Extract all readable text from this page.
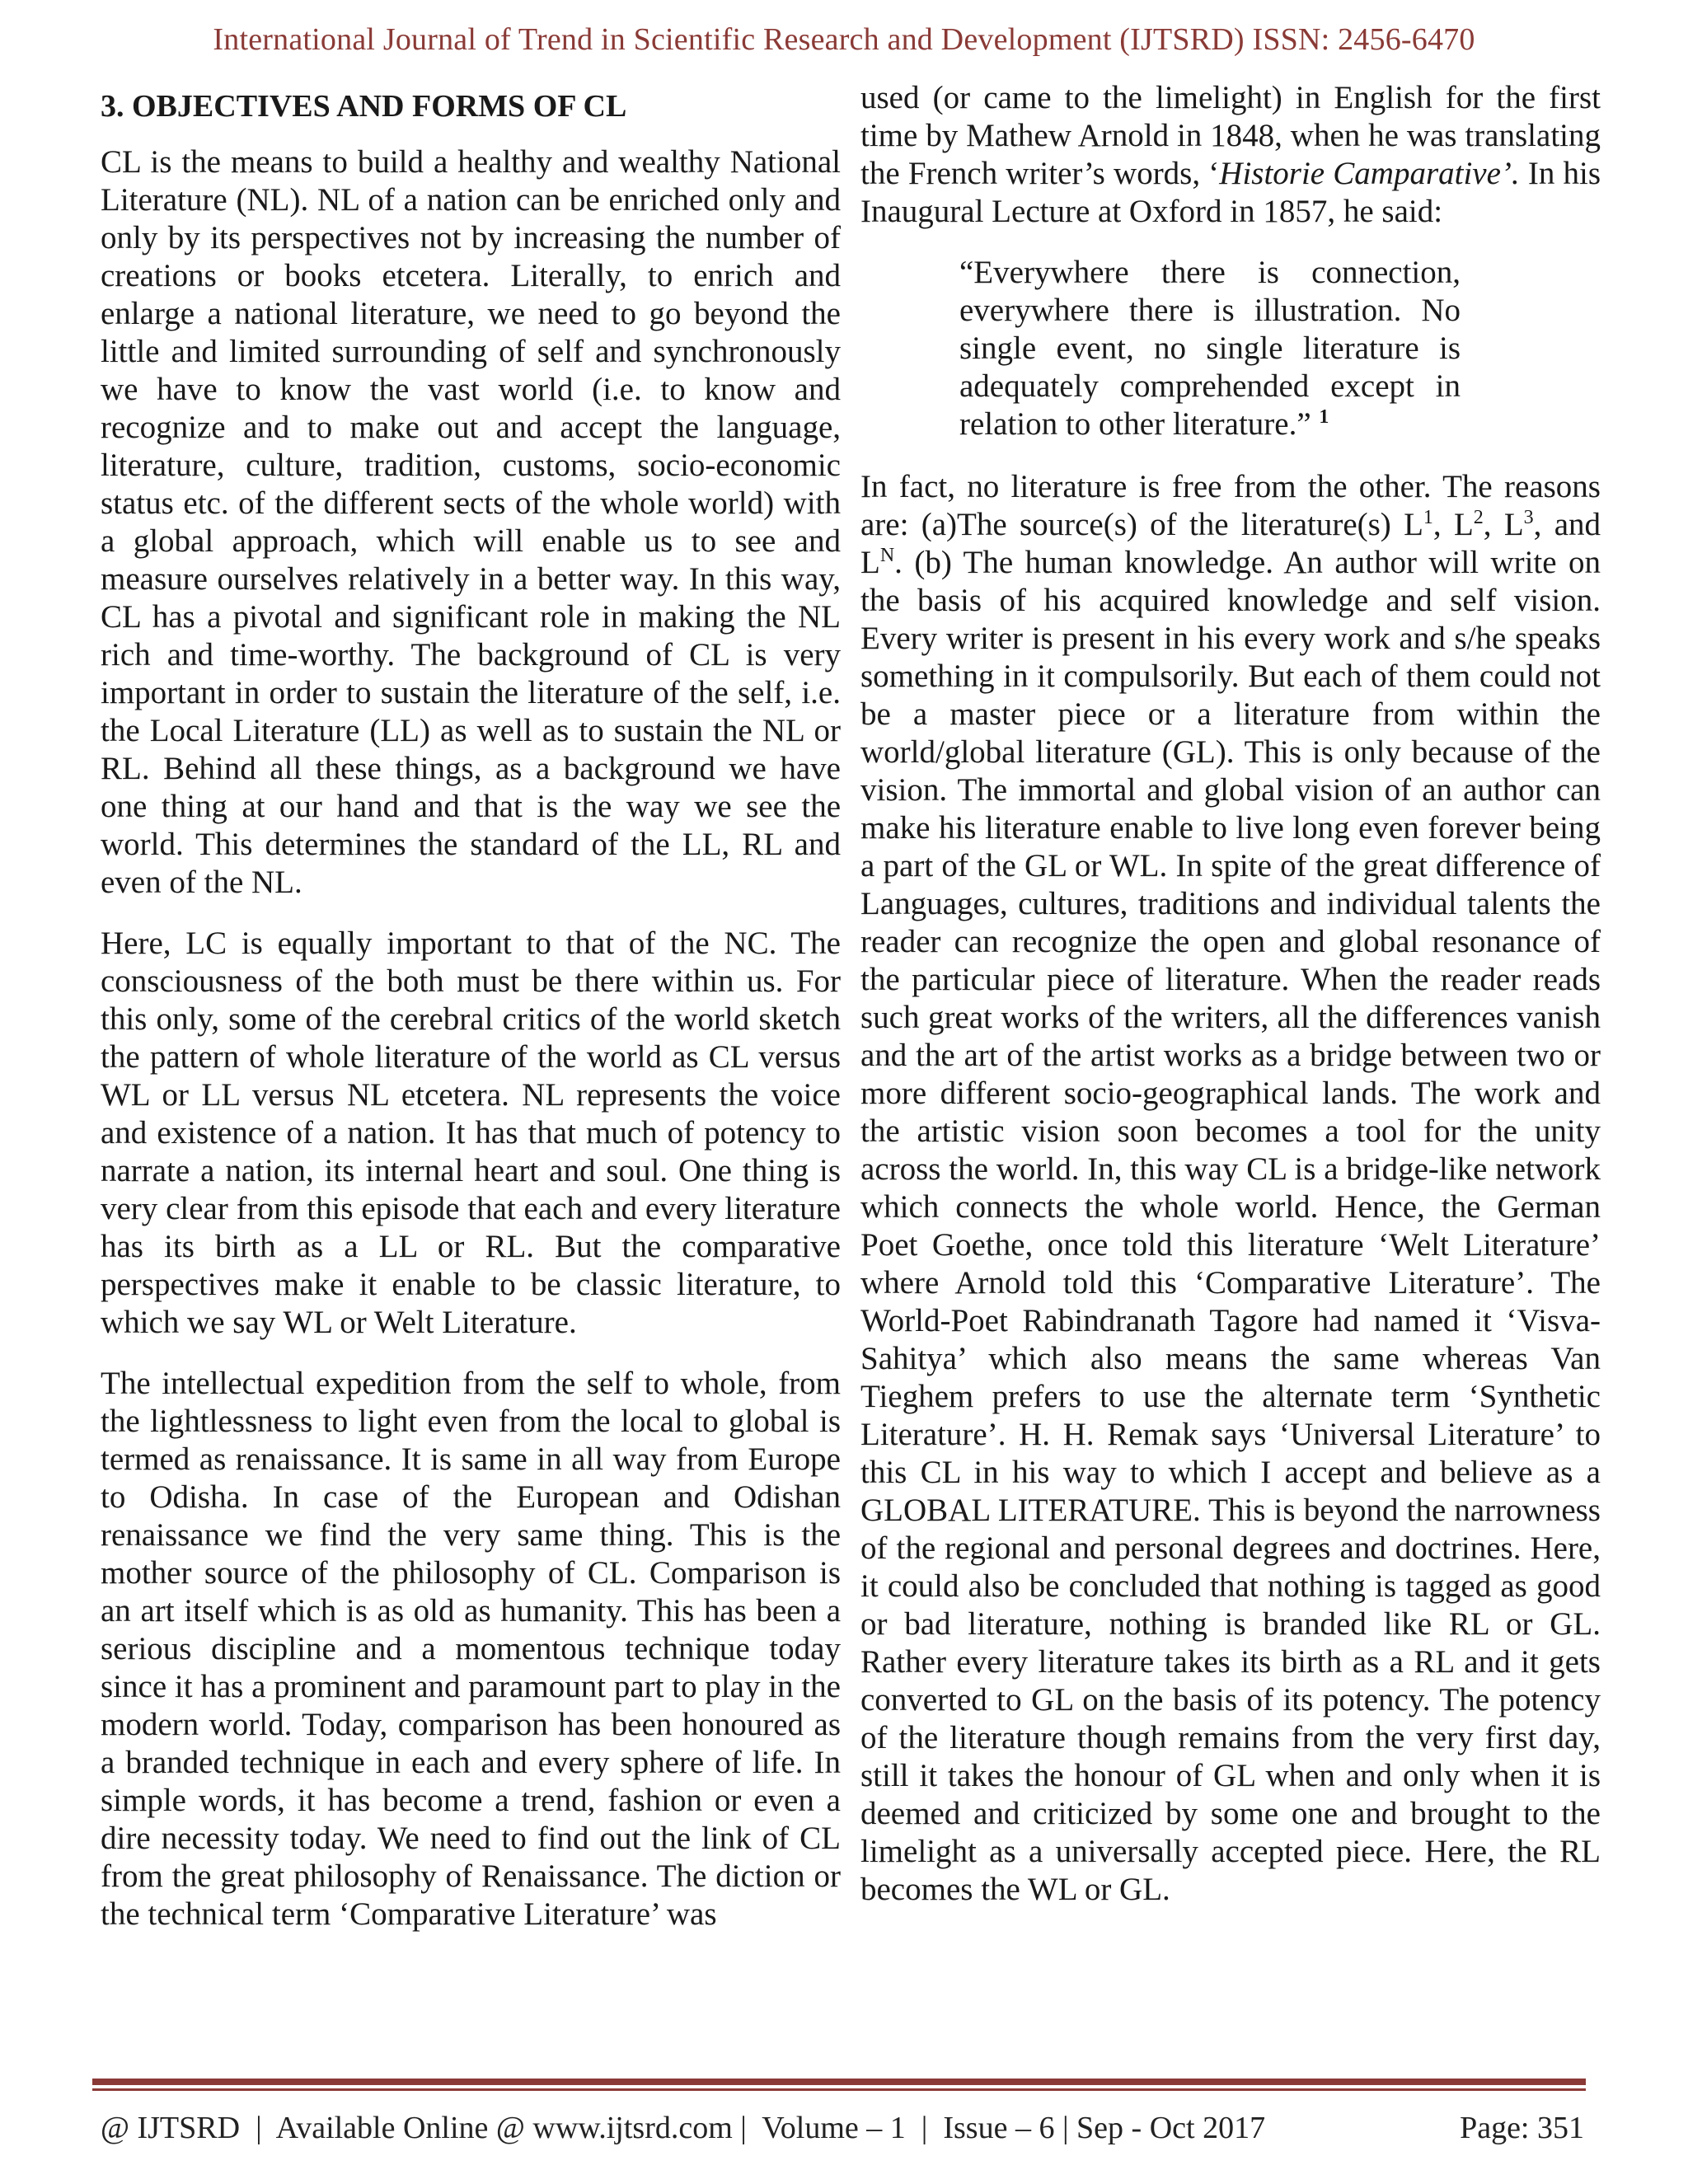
International Journal of Trend in Scientific Research and Development (IJTSRD) ISSN: 2456-6470
3. OBJECTIVES AND FORMS OF CL

CL is the means to build a healthy and wealthy National Literature (NL). NL of a nation can be enriched only and only by its perspectives not by increasing the number of creations or books etcetera. Literally, to enrich and enlarge a national literature, we need to go beyond the little and limited surrounding of self and synchronously we have to know the vast world (i.e. to know and recognize and to make out and accept the language, literature, culture, tradition, customs, socio-economic status etc. of the different sects of the whole world) with a global approach, which will enable us to see and measure ourselves relatively in a better way. In this way, CL has a pivotal and significant role in making the NL rich and time-worthy. The background of CL is very important in order to sustain the literature of the self, i.e. the Local Literature (LL) as well as to sustain the NL or RL. Behind all these things, as a background we have one thing at our hand and that is the way we see the world. This determines the standard of the LL, RL and even of the NL.

Here, LC is equally important to that of the NC. The consciousness of the both must be there within us. For this only, some of the cerebral critics of the world sketch the pattern of whole literature of the world as CL versus WL or LL versus NL etcetera. NL represents the voice and existence of a nation. It has that much of potency to narrate a nation, its internal heart and soul. One thing is very clear from this episode that each and every literature has its birth as a LL or RL. But the comparative perspectives make it enable to be classic literature, to which we say WL or Welt Literature.

The intellectual expedition from the self to whole, from the lightlessness to light even from the local to global is termed as renaissance. It is same in all way from Europe to Odisha. In case of the European and Odishan renaissance we find the very same thing. This is the mother source of the philosophy of CL. Comparison is an art itself which is as old as humanity. This has been a serious discipline and a momentous technique today since it has a prominent and paramount part to play in the modern world. Today, comparison has been honoured as a branded technique in each and every sphere of life. In simple words, it has become a trend, fashion or even a dire necessity today. We need to find out the link of CL from the great philosophy of Renaissance. The diction or the technical term ‘Comparative Literature’ was

used (or came to the limelight) in English for the first time by Mathew Arnold in 1848, when he was translating the French writer’s words, ‘Historie Camparative’. In his Inaugural Lecture at Oxford in 1857, he said:

“Everywhere there is connection, everywhere there is illustration. No single event, no single literature is adequately comprehended except in relation to other literature.” $^1$

In fact, no literature is free from the other. The reasons are: (a)The source(s) of the literature(s) $L^1$, $L^2$, $L^3$, and $L^N$. (b) The human knowledge. An author will write on the basis of his acquired knowledge and self vision. Every writer is present in his every work and s/he speaks something in it compulsorily. But each of them could not be a master piece or a literature from within the world/global literature (GL). This is only because of the vision. The immortal and global vision of an author can make his literature enable to live long even forever being a part of the GL or WL. In spite of the great difference of Languages, cultures, traditions and individual talents the reader can recognize the open and global resonance of the particular piece of literature. When the reader reads such great works of the writers, all the differences vanish and the art of the artist works as a bridge between two or more different socio-geographical lands. The work and the artistic vision soon becomes a tool for the unity across the world. In, this way CL is a bridge-like network which connects the whole world. Hence, the German Poet Goethe, once told this literature ‘Welt Literature’ where Arnold told this ‘Comparative Literature’. The World-Poet Rabindranath Tagore had named it ‘Visva-Sahitya’ which also means the same whereas Van Tieghem prefers to use the alternate term ‘Synthetic Literature’. H. H. Remak says ‘Universal Literature’ to this CL in his way to which I accept and believe as a GLOBAL LITERATURE. This is beyond the narrowness of the regional and personal degrees and doctrines. Here, it could also be concluded that nothing is tagged as good or bad literature, nothing is branded like RL or GL. Rather every literature takes its birth as a RL and it gets converted to GL on the basis of its potency. The potency of the literature though remains from the very first day, still it takes the honour of GL when and only when it is deemed and criticized by some one and brought to the limelight as a universally accepted piece. Here, the RL becomes the WL or GL.

@ IJTSRD  |  Available Online @ www.ijtsrd.com |  Volume – 1  |  Issue – 6 | Sep - Oct 2017	Page: 351
